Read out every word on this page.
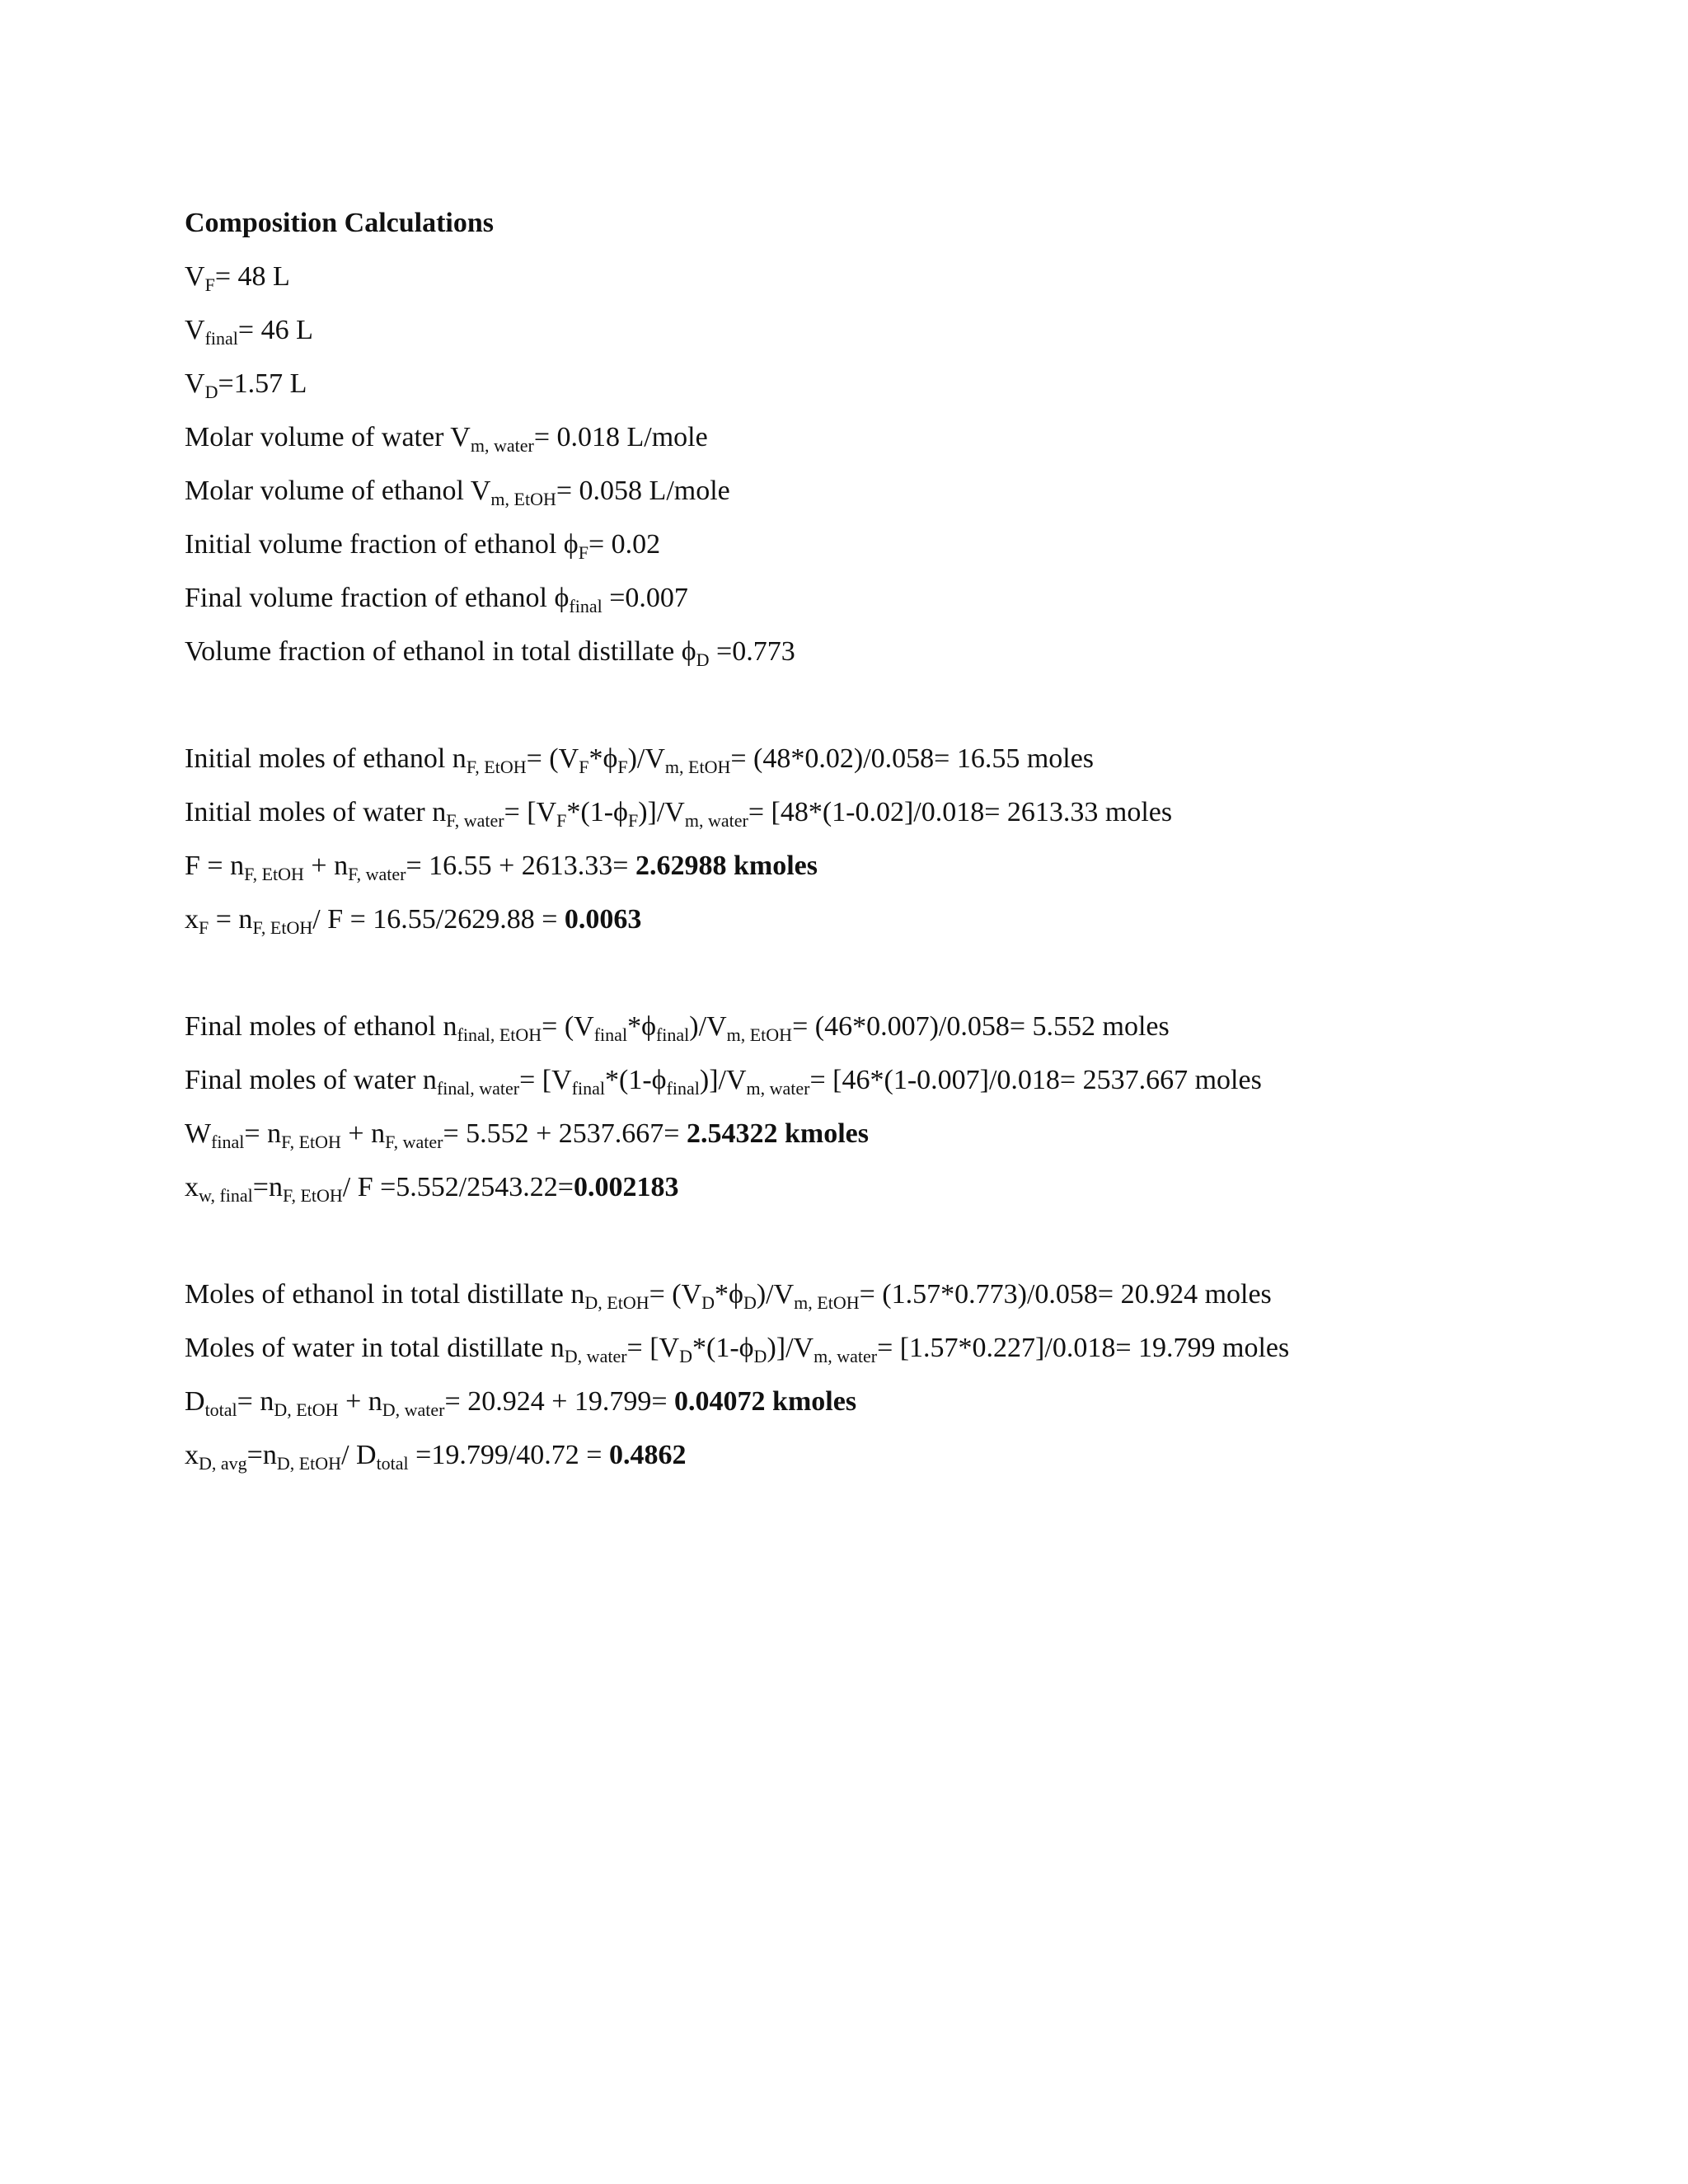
Composition Calculations
$V_F= 48$ L
$V_{final}= 46$ L
$V_D=1.57$ L
Molar volume of water $V_{m, water}= 0.018$ L/mole
Molar volume of ethanol $V_{m, EtOH}= 0.058$ L/mole
Initial volume fraction of ethanol $\phi_F= 0.02$
Final volume fraction of ethanol $\phi_{final} =0.007$
Volume fraction of ethanol in total distillate $\phi_D =0.773$
Initial moles of ethanol $n_{F, EtOH}= (V_F*\phi_F)/V_{m, EtOH}= (48*0.02)/0.058= 16.55$ moles
Initial moles of water $n_{F, water}= [V_F*(1-\phi_F)]/V_{m, water}= [48*(1-0.02]/0.018= 2613.33$ moles
$F = n_{F, EtOH} + n_{F, water}= 16.55 + 2613.33= 2.62988$ kmoles
$x_F = n_{F, EtOH}/$ F = 16.55/2629.88 = 0.0063
Final moles of ethanol $n_{final, EtOH}= (V_{final}*\phi_{final})/V_{m, EtOH}= (46*0.007)/0.058= 5.552$ moles
Final moles of water $n_{final, water}= [V_{final}*(1-\phi_{final})]/V_{m, water}= [46*(1-0.007]/0.018= 2537.667$ moles
$W_{final}= n_{F, EtOH} + n_{F, water}= 5.552 + 2537.667= 2.54322$ kmoles
$x_{w, final}=n_{F, EtOH}/$ F =5.552/2543.22=0.002183
Moles of ethanol in total distillate $n_{D, EtOH}= (V_D*\phi_D)/V_{m, EtOH}= (1.57*0.773)/0.058= 20.924$ moles
Moles of water in total distillate $n_{D, water}= [V_D*(1-\phi_D)]/V_{m, water}= [1.57*0.227]/0.018= 19.799$ moles
$D_{total}= n_{D, EtOH} + n_{D, water}= 20.924 + 19.799= 0.04072$ kmoles
$x_{D, avg}=n_{D, EtOH}/$ $D_{total} =19.799/40.72 = 0.4862$
